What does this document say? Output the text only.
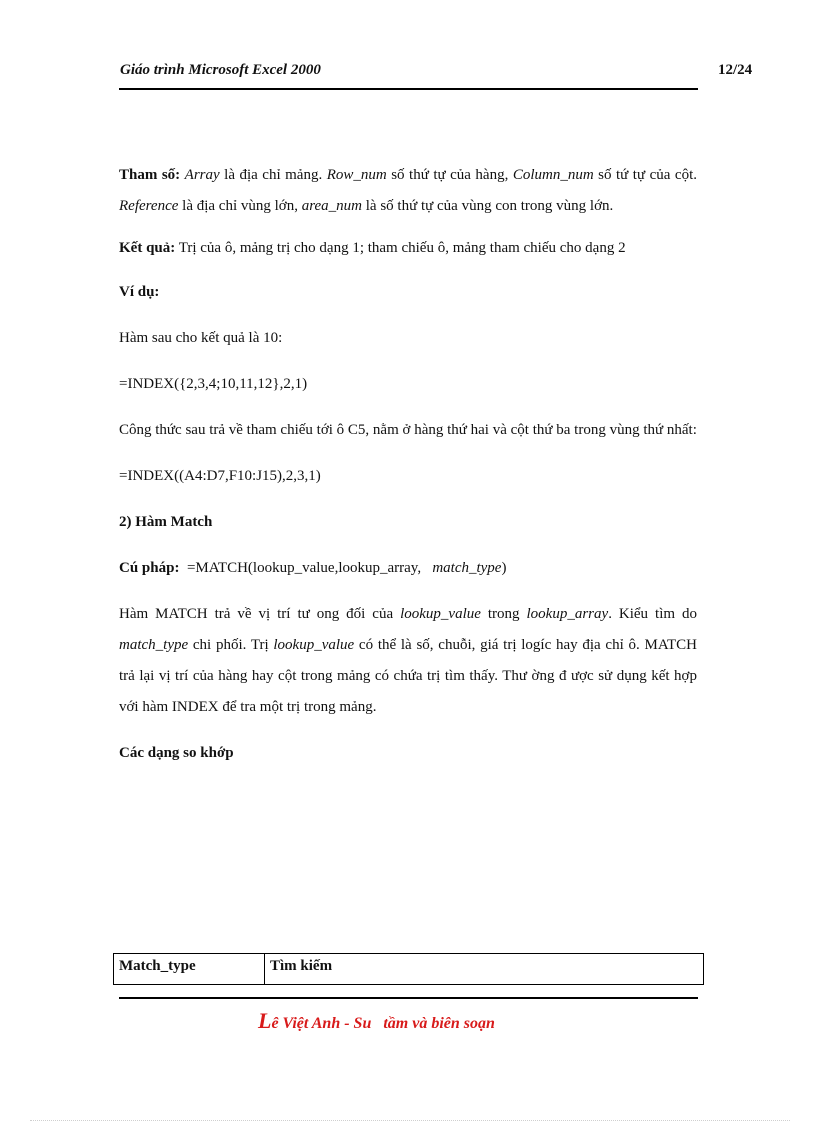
Giáo trình Microsoft Excel 2000	12/24

Tham số: Array là địa chỉ mảng. Row_num số thứ tự của hàng, Column_num số tứ tự của cột. Reference là địa chỉ vùng lớn, area_num là số thứ tự của vùng con trong vùng lớn.

Kết quả: Trị của ô, mảng trị cho dạng 1; tham chiếu ô, mảng tham chiếu cho dạng 2

Ví dụ:

Hàm sau cho kết quả là 10:

=INDEX({2,3,4;10,11,12},2,1)

Công thức sau trả về tham chiếu tới ô C5, nằm ở hàng thứ hai và cột thứ ba trong vùng thứ nhất:

=INDEX((A4:D7,F10:J15),2,3,1)

2) Hàm Match

Cú pháp:  =MATCH(lookup_value,lookup_array,   match_type)

Hàm MATCH trả về vị trí tư ong đối của lookup_value trong lookup_array. Kiểu tìm do match_type chi phối. Trị lookup_value có thể là số, chuỗi, giá trị logíc hay địa chỉ ô. MATCH trả lại vị trí của hàng hay cột trong mảng có chứa trị tìm thấy. Thư ờng đ ược sử dụng kết hợp với hàm INDEX để tra một trị trong mảng.

Các dạng so khớp

Match_type	Tìm kiếm
Lê Việt Anh - Su   tầm và biên soạn
